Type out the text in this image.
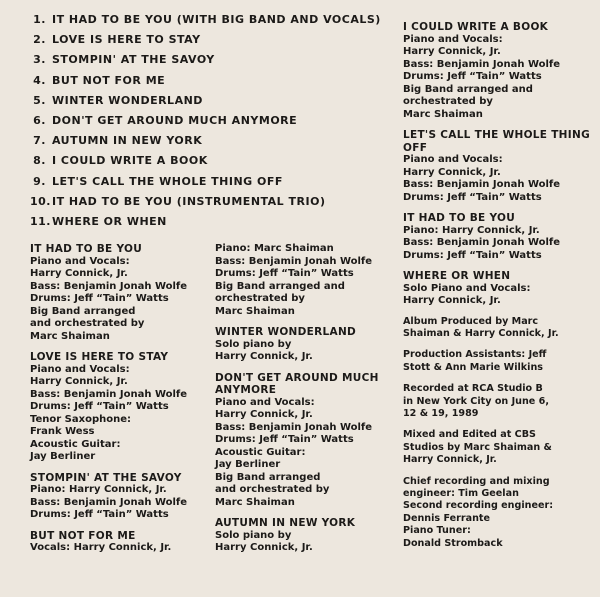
1. IT HAD TO BE YOU (WITH BIG BAND AND VOCALS)
2. LOVE IS HERE TO STAY
3. STOMPIN' AT THE SAVOY
4. BUT NOT FOR ME
5. WINTER WONDERLAND
6. DON'T GET AROUND MUCH ANYMORE
7. AUTUMN IN NEW YORK
8. I COULD WRITE A BOOK
9. LET'S CALL THE WHOLE THING OFF
10.IT HAD TO BE YOU (INSTRUMENTAL TRIO)
11.WHERE OR WHEN
IT HAD TO BE YOU
Piano and Vocals:
Harry Connick, Jr.
Bass: Benjamin Jonah Wolfe
Drums: Jeff “Tain” Watts
Big Band arranged
and orchestrated by
Marc Shaiman
LOVE IS HERE TO STAY
Piano and Vocals:
Harry Connick, Jr.
Bass: Benjamin Jonah Wolfe
Drums: Jeff “Tain” Watts
Tenor Saxophone:
Frank Wess
Acoustic Guitar:
Jay Berliner
STOMPIN' AT THE SAVOY
Piano: Harry Connick, Jr.
Bass: Benjamin Jonah Wolfe
Drums: Jeff “Tain” Watts
BUT NOT FOR ME
Vocals: Harry Connick, Jr.
Piano: Marc Shaiman
Bass: Benjamin Jonah Wolfe
Drums: Jeff “Tain” Watts
Big Band arranged and
orchestrated by
Marc Shaiman
WINTER WONDERLAND
Solo piano by
Harry Connick, Jr.
DON'T GET AROUND MUCH ANYMORE
Piano and Vocals:
Harry Connick, Jr.
Bass: Benjamin Jonah Wolfe
Drums: Jeff “Tain” Watts
Acoustic Guitar:
Jay Berliner
Big Band arranged
and orchestrated by
Marc Shaiman
AUTUMN IN NEW YORK
Solo piano by
Harry Connick, Jr.
I COULD WRITE A BOOK
Piano and Vocals:
Harry Connick, Jr.
Bass: Benjamin Jonah Wolfe
Drums: Jeff “Tain” Watts
Big Band arranged and
orchestrated by
Marc Shaiman
LET'S CALL THE WHOLE THING OFF
Piano and Vocals:
Harry Connick, Jr.
Bass: Benjamin Jonah Wolfe
Drums: Jeff “Tain” Watts
IT HAD TO BE YOU
Piano: Harry Connick, Jr.
Bass: Benjamin Jonah Wolfe
Drums: Jeff “Tain” Watts
WHERE OR WHEN
Solo Piano and Vocals:
Harry Connick, Jr.
Album Produced by Marc
Shaiman & Harry Connick, Jr.
Production Assistants: Jeff
Stott & Ann Marie Wilkins
Recorded at RCA Studio B
in New York City on June 6,
12 & 19, 1989
Mixed and Edited at CBS
Studios by Marc Shaiman &
Harry Connick, Jr.
Chief recording and mixing
engineer: Tim Geelan
Second recording engineer:
Dennis Ferrante
Piano Tuner:
Donald Stromback
